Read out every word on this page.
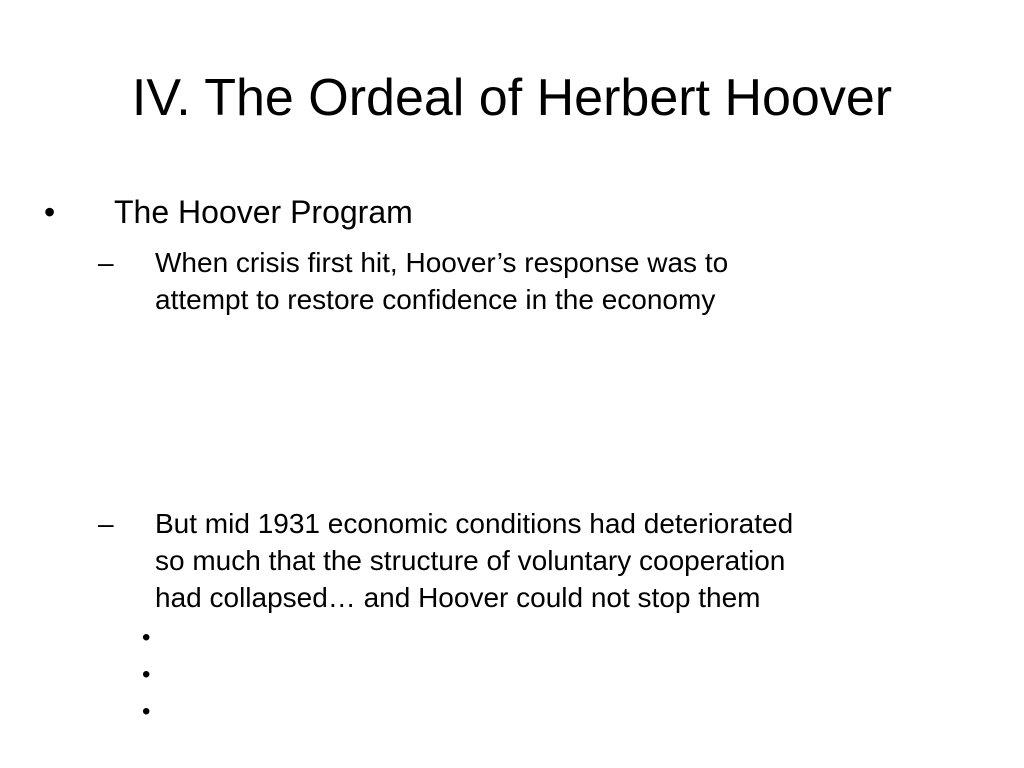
IV. The Ordeal of Herbert Hoover
• The Hoover Program
– When crisis first hit, Hoover’s response was to
attempt to restore confidence in the economy
– But mid 1931 economic conditions had deteriorated
so much that the structure of voluntary cooperation
had collapsed… and Hoover could not stop them
•
•
•
